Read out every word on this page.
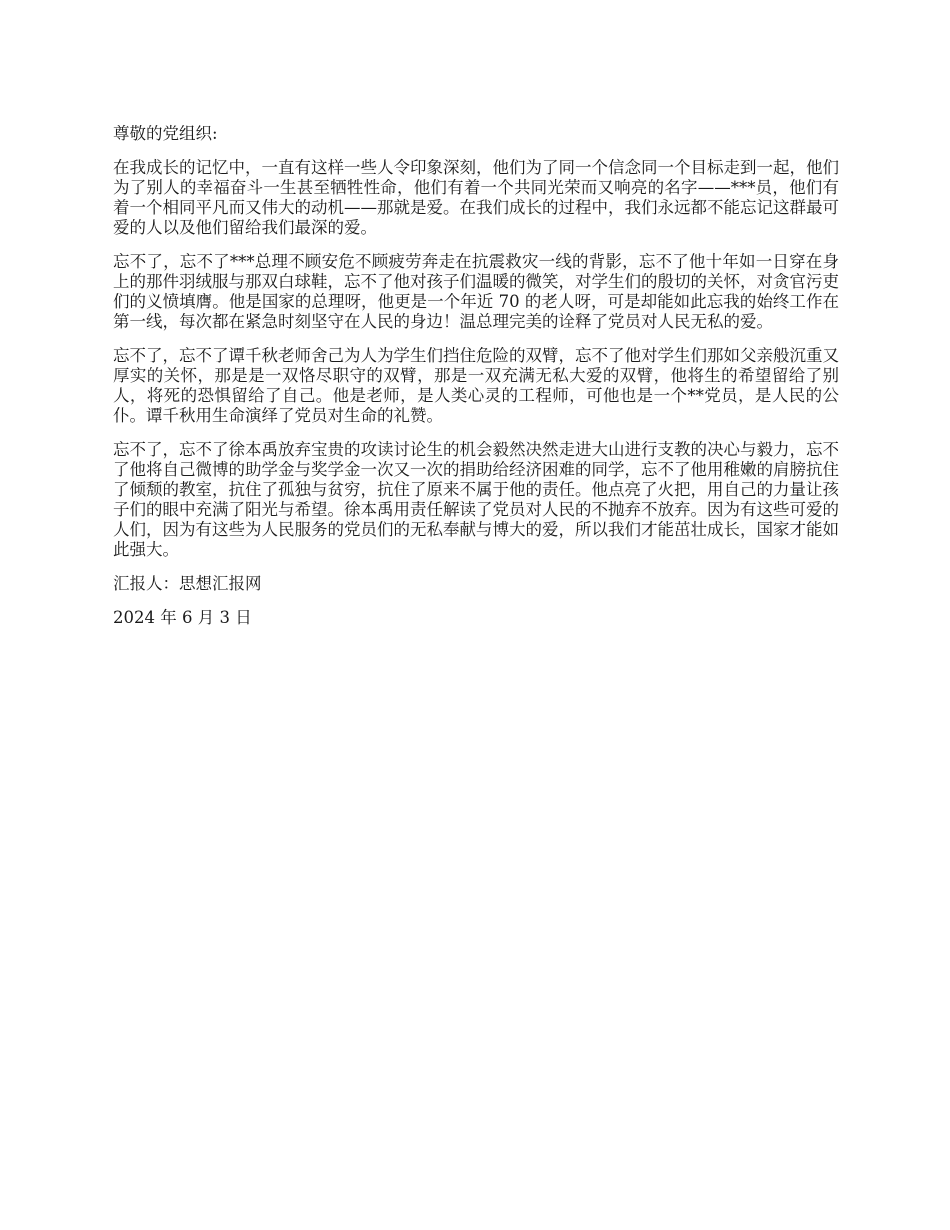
尊敬的党组织:

在我成长的记忆中，一直有这样一些人令印象深刻，他们为了同一个信念同一个目标走到一起，他们为了别人的幸福奋斗一生甚至牺牲性命，他们有着一个共同光荣而又响亮的名字——***员，他们有着一个相同平凡而又伟大的动机——那就是爱。在我们成长的过程中，我们永远都不能忘记这群最可爱的人以及他们留给我们最深的爱。

忘不了，忘不了***总理不顾安危不顾疲劳奔走在抗震救灾一线的背影，忘不了他十年如一日穿在身上的那件羽绒服与那双白球鞋，忘不了他对孩子们温暖的微笑，对学生们的殷切的关怀，对贪官污吏们的义愤填膺。他是国家的总理呀，他更是一个年近 70 的老人呀，可是却能如此忘我的始终工作在第一线，每次都在紧急时刻坚守在人民的身边！温总理完美的诠释了党员对人民无私的爱。

忘不了，忘不了谭千秋老师舍己为人为学生们挡住危险的双臂，忘不了他对学生们那如父亲般沉重又厚实的关怀，那是是一双恪尽职守的双臂，那是一双充满无私大爱的双臂，他将生的希望留给了别人，将死的恐惧留给了自己。他是老师，是人类心灵的工程师，可他也是一个**党员，是人民的公仆。谭千秋用生命演绎了党员对生命的礼赞。

忘不了，忘不了徐本禹放弃宝贵的攻读讨论生的机会毅然决然走进大山进行支教的决心与毅力，忘不了他将自己微博的助学金与奖学金一次又一次的捐助给经济困难的同学，忘不了他用稚嫩的肩膀抗住了倾颓的教室，抗住了孤独与贫穷，抗住了原来不属于他的责任。他点亮了火把，用自己的力量让孩子们的眼中充满了阳光与希望。徐本禹用责任解读了党员对人民的不抛弃不放弃。因为有这些可爱的人们，因为有这些为人民服务的党员们的无私奉献与博大的爱，所以我们才能茁壮成长，国家才能如此强大。

汇报人：思想汇报网

2024 年 6 月 3 日
